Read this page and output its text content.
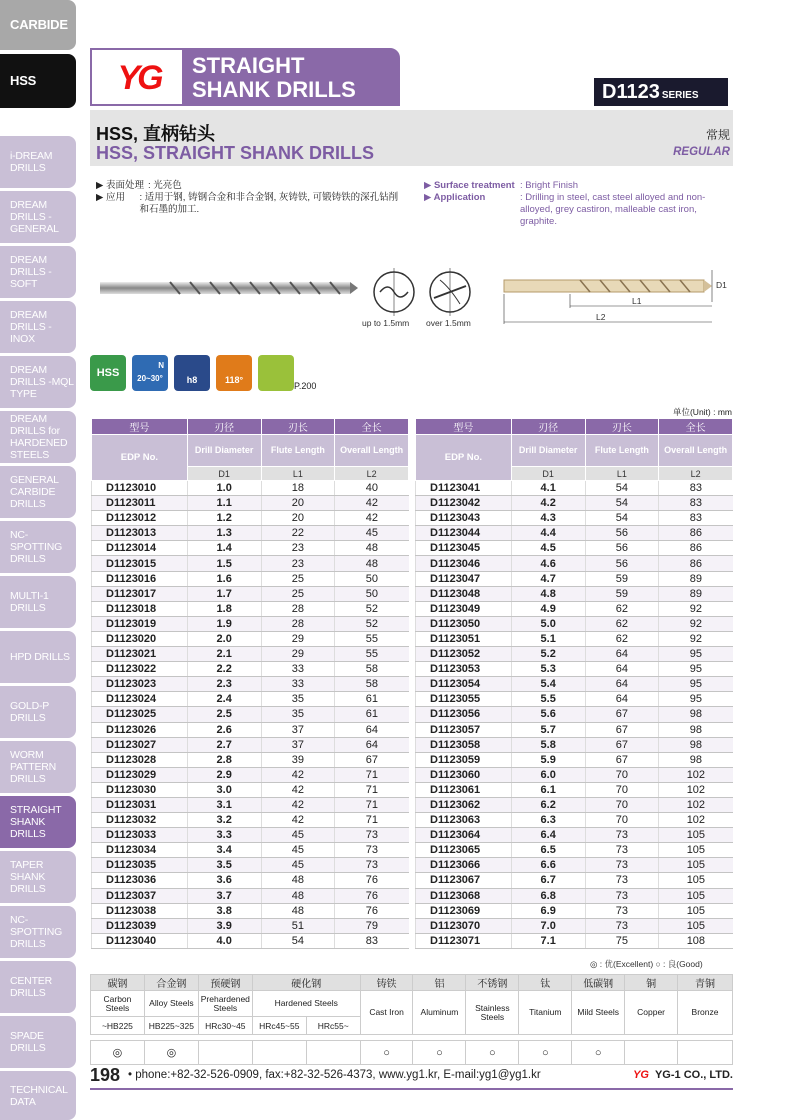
CARBIDE
HSS
i-DREAM DRILLS
DREAM DRILLS -GENERAL
DREAM DRILLS -SOFT
DREAM DRILLS -INOX
DREAM DRILLS -MQL TYPE
DREAM DRILLS for HARDENED STEELS
GENERAL CARBIDE DRILLS
NC-SPOTTING DRILLS
MULTI-1 DRILLS
HPD DRILLS
GOLD-P DRILLS
WORM PATTERN DRILLS
STRAIGHT SHANK DRILLS
TAPER SHANK DRILLS
NC-SPOTTING DRILLS
CENTER DRILLS
SPADE DRILLS
TECHNICAL DATA
YG	STRAIGHT
SHANK DRILLS	D1123 SERIES
HSS, 直柄钻头
HSS, STRAIGHT SHANK DRILLS
常规
REGULAR
▶ 表面处理 : 光亮色
▶ 应用	: 适用于钢, 铸钢合金和非合金钢, 灰铸铁, 可锻铸铁的深孔钻削和石墨的加工.
▶ Surface treatment : Bright Finish
▶ Application	: Drilling in steel, cast steel alloyed and non-alloyed, grey castiron, malleable cast iron, graphite.
up to 1.5mm over 1.5mm
D1
L1
L2
HSS
N
20~30°	h8	118°
P.200
单位(Unit) : mm
型号	刃径	刃长	全长
EDP No.	Drill Diameter	Flute Length	Overall Length
	D1	L1	L2
D1123010	1.0	18	40
D1123011	1.1	20	42
D1123012	1.2	20	42
D1123013	1.3	22	45
D1123014	1.4	23	48
D1123015	1.5	23	48
D1123016	1.6	25	50
D1123017	1.7	25	50
D1123018	1.8	28	52
D1123019	1.9	28	52
D1123020	2.0	29	55
D1123021	2.1	29	55
D1123022	2.2	33	58
D1123023	2.3	33	58
D1123024	2.4	35	61
D1123025	2.5	35	61
D1123026	2.6	37	64
D1123027	2.7	37	64
D1123028	2.8	39	67
D1123029	2.9	42	71
D1123030	3.0	42	71
D1123031	3.1	42	71
D1123032	3.2	42	71
D1123033	3.3	45	73
D1123034	3.4	45	73
D1123035	3.5	45	73
D1123036	3.6	48	76
D1123037	3.7	48	76
D1123038	3.8	48	76
D1123039	3.9	51	79
D1123040	4.0	54	83
型号	刃径	刃长	全长
EDP No.	Drill Diameter	Flute Length	Overall Length
	D1	L1	L2
D1123041	4.1	54	83
D1123042	4.2	54	83
D1123043	4.3	54	83
D1123044	4.4	56	86
D1123045	4.5	56	86
D1123046	4.6	56	86
D1123047	4.7	59	89
D1123048	4.8	59	89
D1123049	4.9	62	92
D1123050	5.0	62	92
D1123051	5.1	62	92
D1123052	5.2	64	95
D1123053	5.3	64	95
D1123054	5.4	64	95
D1123055	5.5	64	95
D1123056	5.6	67	98
D1123057	5.7	67	98
D1123058	5.8	67	98
D1123059	5.9	67	98
D1123060	6.0	70	102
D1123061	6.1	70	102
D1123062	6.2	70	102
D1123063	6.3	70	102
D1123064	6.4	73	105
D1123065	6.5	73	105
D1123066	6.6	73	105
D1123067	6.7	73	105
D1123068	6.8	73	105
D1123069	6.9	73	105
D1123070	7.0	73	105
D1123071	7.1	75	108
◎ : 优(Excellent) ○ : 良(Good)
碳钢	合金钢	预硬钢	硬化钢		铸铁	铝	不锈钢	钛	低碳钢	铜	青铜
Carbon Steels	Alloy Steels	Prehardened Steels	Hardened Steels		Cast Iron	Aluminum	Stainless Steels	Titanium	Mild Steels	Copper	Bronze
~HB225	HB225~325	HRc30~45	HRc45~55	HRc55~							

◎	◎				○	○	○	○	○		
198 • phone:+82-32-526-0909, fax:+82-32-526-4373, www.yg1.kr, E-mail:yg1@yg1.kr	YG YG-1 CO., LTD.
